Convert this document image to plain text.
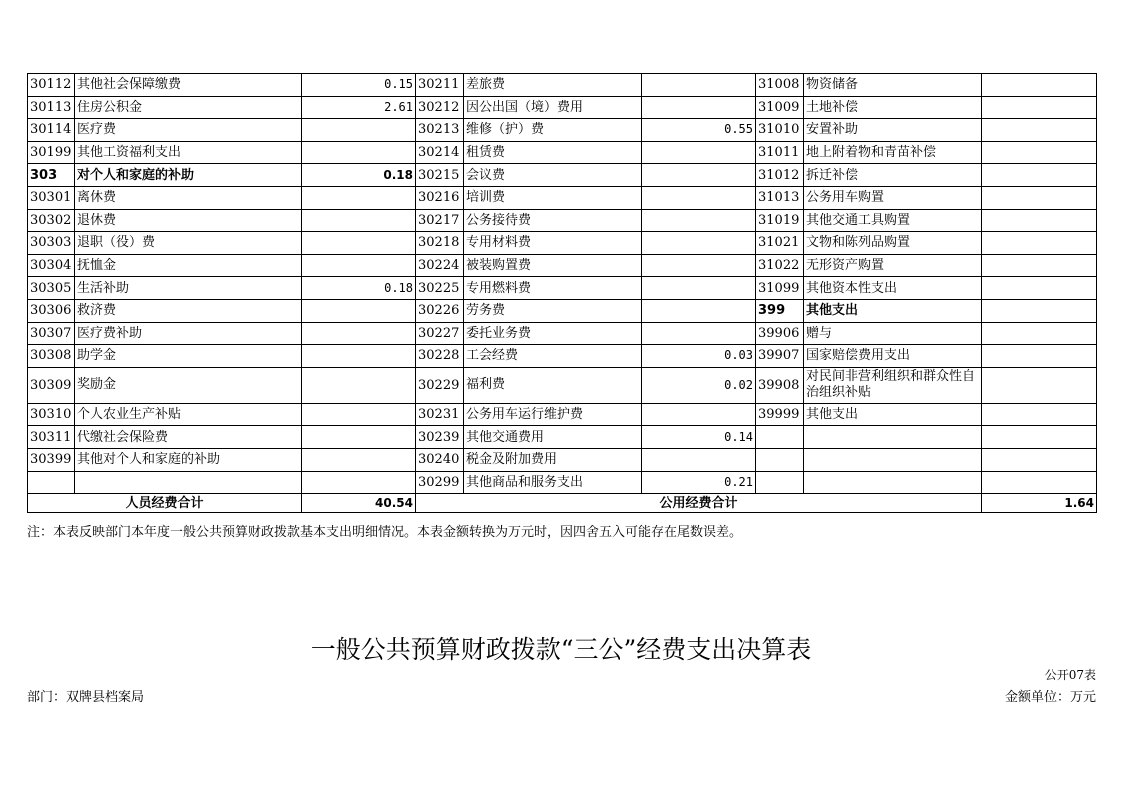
30112	其他社会保障缴费	0.15	30211	差旅费		31008	物资储备	
30113	住房公积金	2.61	30212	因公出国（境）费用		31009	土地补偿	
30114	医疗费		30213	维修（护）费	0.55	31010	安置补助	
30199	其他工资福利支出		30214	租赁费		31011	地上附着物和青苗补偿	
303	对个人和家庭的补助	0.18	30215	会议费		31012	拆迁补偿	
30301	离休费		30216	培训费		31013	公务用车购置	
30302	退休费		30217	公务接待费		31019	其他交通工具购置	
30303	退职（役）费		30218	专用材料费		31021	文物和陈列品购置	
30304	抚恤金		30224	被装购置费		31022	无形资产购置	
30305	生活补助	0.18	30225	专用燃料费		31099	其他资本性支出	
30306	救济费		30226	劳务费		399	其他支出	
30307	医疗费补助		30227	委托业务费		39906	赠与	
30308	助学金		30228	工会经费	0.03	39907	国家赔偿费用支出	
30309	奖励金		30229	福利费	0.02	39908	对民间非营利组织和群众性自治组织补贴	
30310	个人农业生产补贴		30231	公务用车运行维护费		39999	其他支出	
30311	代缴社会保险费		30239	其他交通费用	0.14			
30399	其他对个人和家庭的补助		30240	税金及附加费用				
			30299	其他商品和服务支出	0.21			
人员经费合计		40.54	公用经费合计					1.64
注：本表反映部门本年度一般公共预算财政拨款基本支出明细情况。本表金额转换为万元时，因四舍五入可能存在尾数误差。
一般公共预算财政拨款“三公”经费支出决算表
公开07表
部门：双牌县档案局	金额单位：万元
